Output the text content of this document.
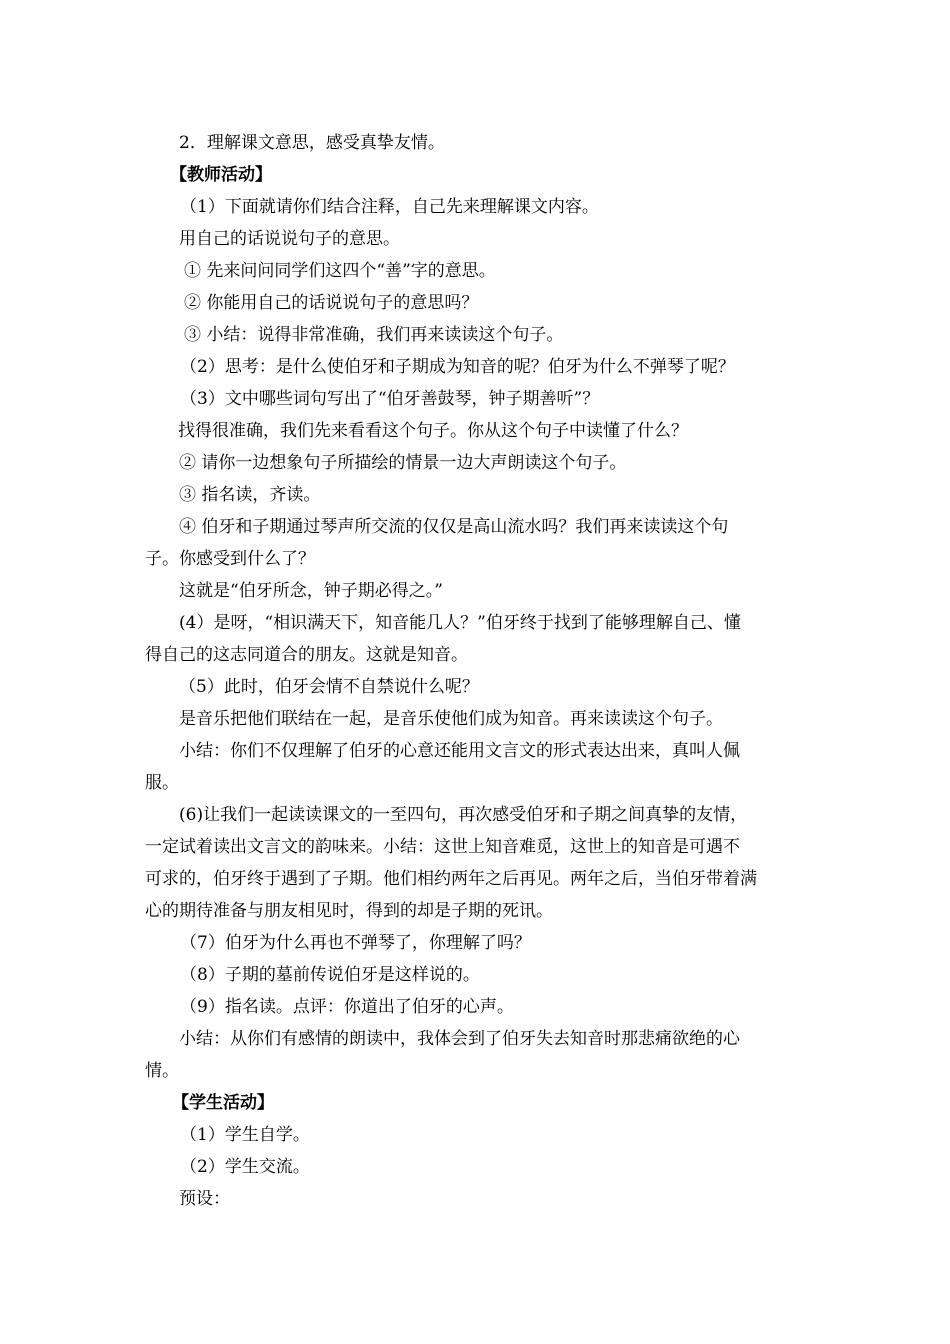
2．理解课文意思，感受真挚友情。
【教师活动】
（1）下面就请你们结合注释，自己先来理解课文内容。
用自己的话说说句子的意思。
① 先来问问同学们这四个“善”字的意思。
② 你能用自己的话说说句子的意思吗？
③ 小结：说得非常准确，我们再来读读这个句子。
（2）思考：是什么使伯牙和子期成为知音的呢？伯牙为什么不弹琴了呢？
（3）文中哪些词句写出了“伯牙善鼓琴，钟子期善听”？
找得很准确，我们先来看看这个句子。你从这个句子中读懂了什么？
② 请你一边想象句子所描绘的情景一边大声朗读这个句子。
③ 指名读，齐读。
④ 伯牙和子期通过琴声所交流的仅仅是高山流水吗？我们再来读读这个句
子。你感受到什么了？
这就是“伯牙所念，钟子期必得之。”
(4）是呀，“相识满天下，知音能几人？”伯牙终于找到了能够理解自己、懂
得自己的这志同道合的朋友。这就是知音。
（5）此时，伯牙会情不自禁说什么呢？
是音乐把他们联结在一起，是音乐使他们成为知音。再来读读这个句子。
小结：你们不仅理解了伯牙的心意还能用文言文的形式表达出来，真叫人佩
服。
(6)让我们一起读读课文的一至四句，再次感受伯牙和子期之间真挚的友情，
一定试着读出文言文的韵味来。小结：这世上知音难觅，这世上的知音是可遇不
可求的，伯牙终于遇到了子期。他们相约两年之后再见。两年之后，当伯牙带着满
心的期待准备与朋友相见时，得到的却是子期的死讯。
（7）伯牙为什么再也不弹琴了，你理解了吗？
（8）子期的墓前传说伯牙是这样说的。
（9）指名读。点评：你道出了伯牙的心声。
小结：从你们有感情的朗读中，我体会到了伯牙失去知音时那悲痛欲绝的心
情。
【学生活动】
（1）学生自学。
（2）学生交流。
预设：
